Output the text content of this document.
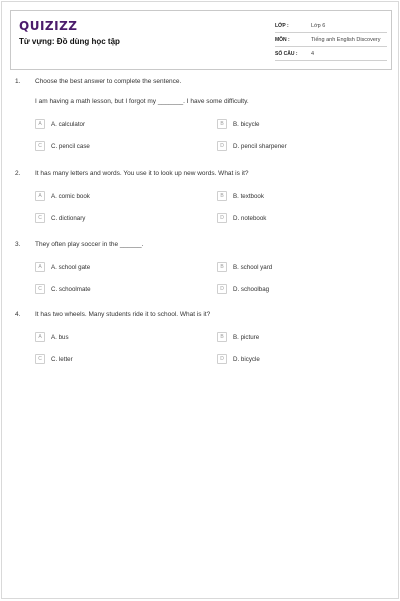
QUIZIZZ
Từ vựng: Đồ dùng học tập
LỚP :	Lớp 6
MÔN :	Tiếng anh English Discovery
SỐ CÂU :	4
1. Choose the best answer to complete the sentence.
I am having a math lesson, but I forgot my _______. I have some difficulty.
A	A. calculator	B	B. bicycle
C	C. pencil case	D	D. pencil sharpener
2. It has many letters and words. You use it to look up new words. What is it?
A	A. comic book	B	B. textbook
C	C. dictionary	D	D. notebook
3. They often play soccer in the ______.
A	A. school gate	B	B. school yard
C	C. schoolmate	D	D. schoolbag
4. It has two wheels. Many students ride it to school. What is it?
A	A. bus	B	B. picture
C	C. letter	D	D. bicycle
